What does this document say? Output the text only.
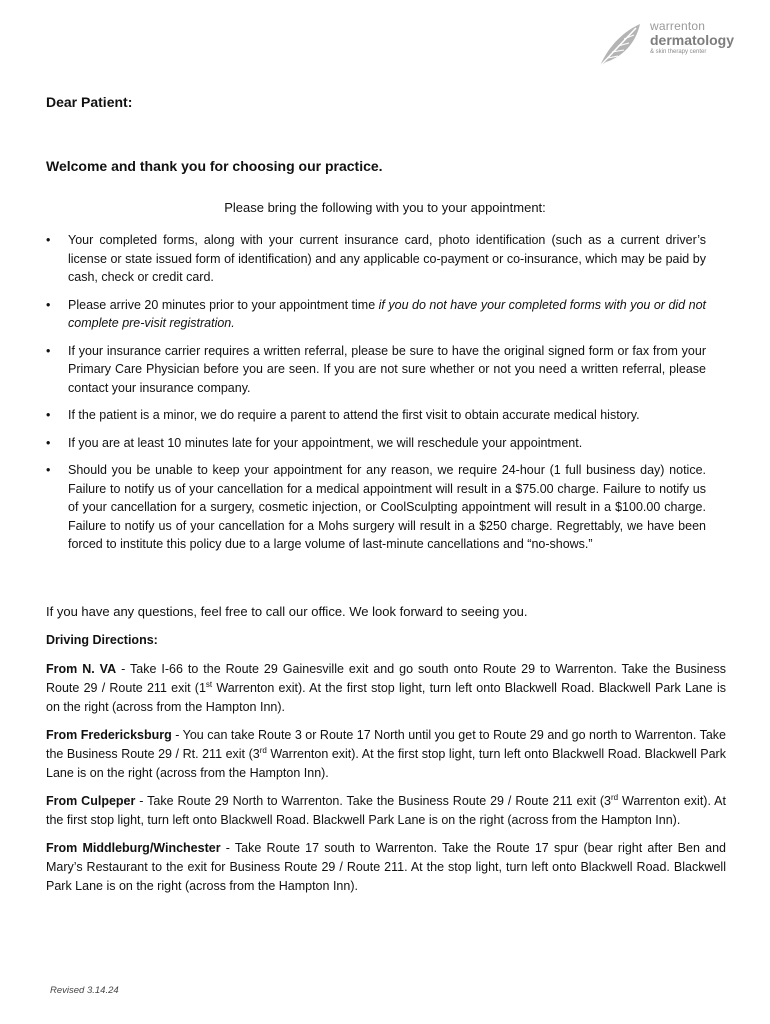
warrenton
dermatology
& skin therapy center
Dear Patient:
Welcome and thank you for choosing our practice.
Please bring the following with you to your appointment:
• Your completed forms, along with your current insurance card, photo identification (such as a current driver’s license or state issued form of identification) and any applicable co-payment or co-insurance, which may be paid by cash, check or credit card.
• Please arrive 20 minutes prior to your appointment time if you do not have your completed forms with you or did not complete pre-visit registration.
• If your insurance carrier requires a written referral, please be sure to have the original signed form or fax from your Primary Care Physician before you are seen. If you are not sure whether or not you need a written referral, please contact your insurance company.
• If the patient is a minor, we do require a parent to attend the first visit to obtain accurate medical history.
• If you are at least 10 minutes late for your appointment, we will reschedule your appointment.
• Should you be unable to keep your appointment for any reason, we require 24-hour (1 full business day) notice. Failure to notify us of your cancellation for a medical appointment will result in a $75.00 charge. Failure to notify us of your cancellation for a surgery, cosmetic injection, or CoolSculpting appointment will result in a $100.00 charge. Failure to notify us of your cancellation for a Mohs surgery will result in a $250 charge. Regrettably, we have been forced to institute this policy due to a large volume of last-minute cancellations and “no-shows.”
If you have any questions, feel free to call our office. We look forward to seeing you.
Driving Directions:
From N. VA - Take I-66 to the Route 29 Gainesville exit and go south onto Route 29 to Warrenton. Take the Business Route 29 / Route 211 exit (1st Warrenton exit). At the first stop light, turn left onto Blackwell Road. Blackwell Park Lane is on the right (across from the Hampton Inn).
From Fredericksburg - You can take Route 3 or Route 17 North until you get to Route 29 and go north to Warrenton. Take the Business Route 29 / Rt. 211 exit (3rd Warrenton exit). At the first stop light, turn left onto Blackwell Road. Blackwell Park Lane is on the right (across from the Hampton Inn).
From Culpeper - Take Route 29 North to Warrenton. Take the Business Route 29 / Route 211 exit (3rd Warrenton exit). At the first stop light, turn left onto Blackwell Road. Blackwell Park Lane is on the right (across from the Hampton Inn).
From Middleburg/Winchester - Take Route 17 south to Warrenton. Take the Route 17 spur (bear right after Ben and Mary’s Restaurant to the exit for Business Route 29 / Route 211. At the stop light, turn left onto Blackwell Road. Blackwell Park Lane is on the right (across from the Hampton Inn).
Revised 3.14.24
